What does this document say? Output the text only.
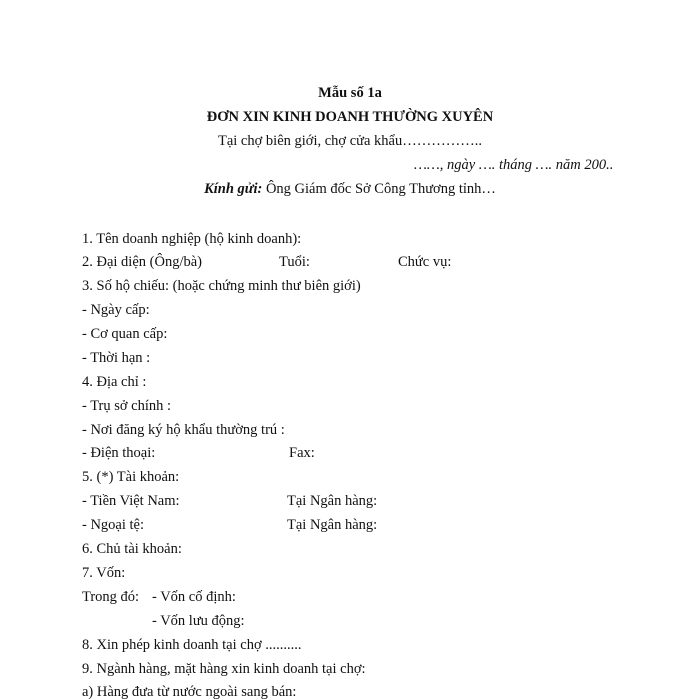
Mẫu số 1a
ĐƠN XIN KINH DOANH THƯỜNG XUYÊN
Tại chợ biên giới, chợ cửa khẩu……………..
……, ngày …. tháng …. năm 200..
Kính gửi: Ông Giám đốc Sở Công Thương tỉnh…
1. Tên doanh nghiệp (hộ kinh doanh):
2. Đại diện (Ông/bà)	Tuổi:	Chức vụ:
3. Số hộ chiếu: (hoặc chứng minh thư biên giới)
- Ngày cấp:
- Cơ quan cấp:
- Thời hạn :
4. Địa chỉ :
- Trụ sở chính :
- Nơi đăng ký hộ khẩu thường trú :
- Điện thoại:	Fax:
5. (*) Tài khoản:
- Tiền Việt Nam:	Tại Ngân hàng:
- Ngoại tệ:	Tại Ngân hàng:
6. Chủ tài khoản:
7. Vốn:
Trong đó: - Vốn cố định:
- Vốn lưu động:
8. Xin phép kinh doanh tại chợ ..........
9. Ngành hàng, mặt hàng xin kinh doanh tại chợ:
a) Hàng đưa từ nước ngoài sang bán:
